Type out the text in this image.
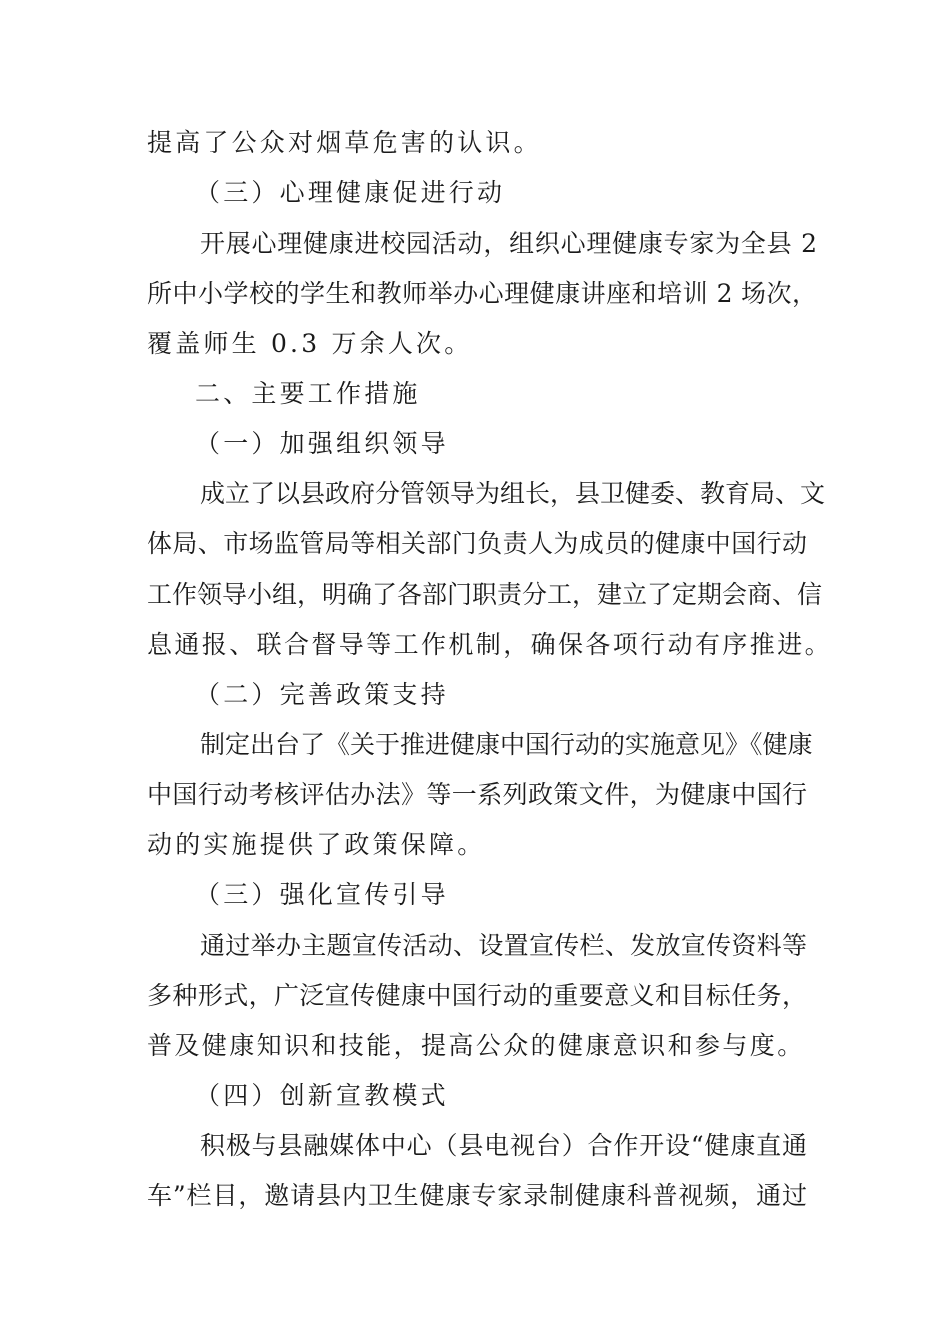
提高了公众对烟草危害的认识。
（三）心理健康促进行动
开展心理健康进校园活动，组织心理健康专家为全县 2
所中小学校的学生和教师举办心理健康讲座和培训 2 场次，
覆盖师生 0.3 万余人次。
二、主要工作措施
（一）加强组织领导
成立了以县政府分管领导为组长，县卫健委、教育局、文
体局、市场监管局等相关部门负责人为成员的健康中国行动
工作领导小组，明确了各部门职责分工，建立了定期会商、信
息通报、联合督导等工作机制，确保各项行动有序推进。
（二）完善政策支持
制定出台了《关于推进健康中国行动的实施意见》《健康
中国行动考核评估办法》等一系列政策文件，为健康中国行
动的实施提供了政策保障。
（三）强化宣传引导
通过举办主题宣传活动、设置宣传栏、发放宣传资料等
多种形式，广泛宣传健康中国行动的重要意义和目标任务，
普及健康知识和技能，提高公众的健康意识和参与度。
（四）创新宣教模式
积极与县融媒体中心（县电视台）合作开设“健康直通
车”栏目，邀请县内卫生健康专家录制健康科普视频，通过
